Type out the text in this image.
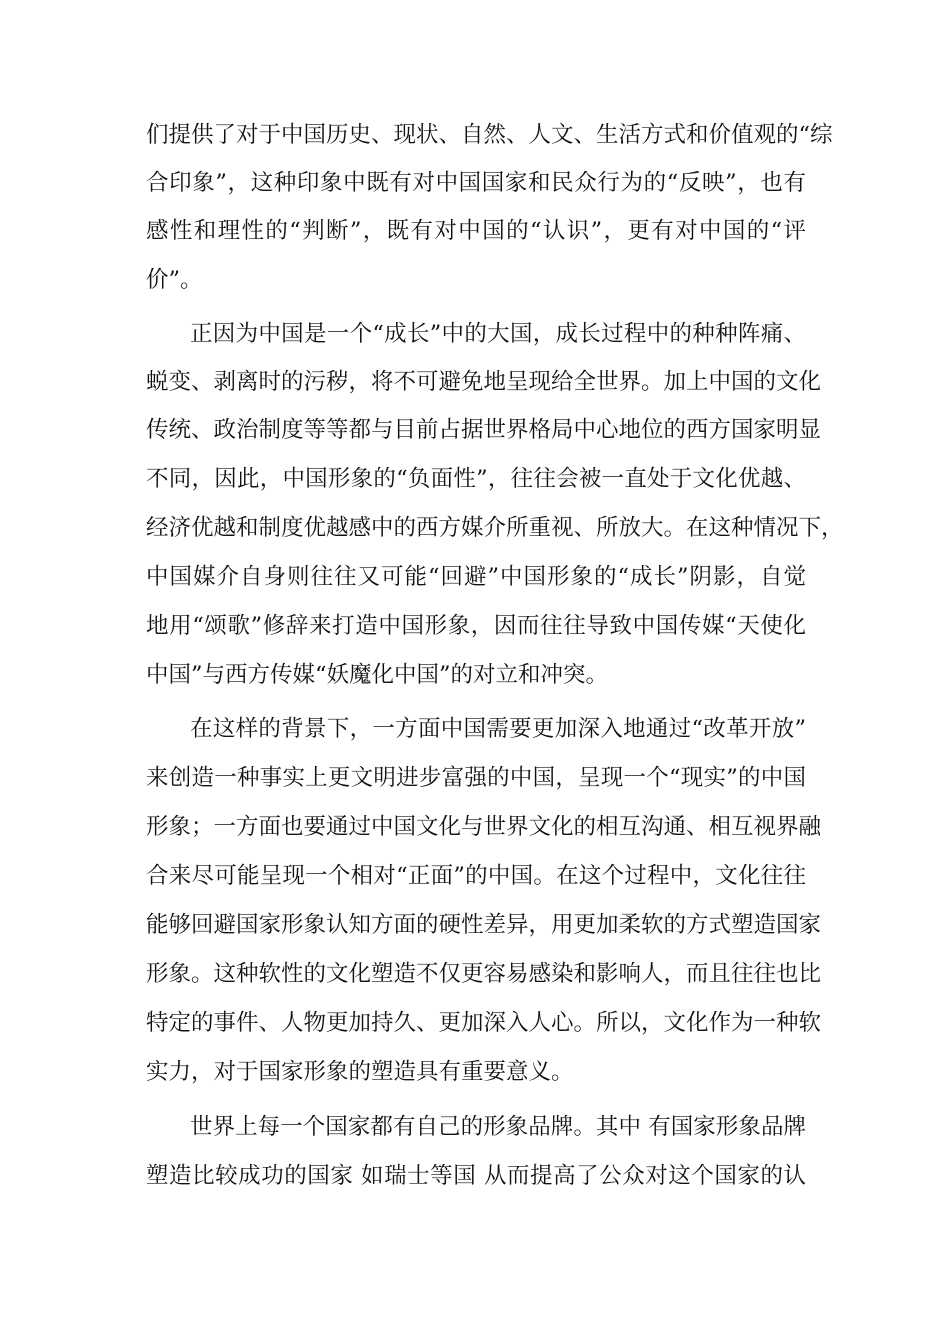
们提供了对于中国历史、现状、自然、人文、生活方式和价值观的“综
合印象”，这种印象中既有对中国国家和民众行为的“反映”，也有
感性和理性的“判断”，既有对中国的“认识”，更有对中国的“评
价”。
正因为中国是一个“成长”中的大国，成长过程中的种种阵痛、
蜕变、剥离时的污秽，将不可避免地呈现给全世界。加上中国的文化
传统、政治制度等等都与目前占据世界格局中心地位的西方国家明显
不同，因此，中国形象的“负面性”，往往会被一直处于文化优越、
经济优越和制度优越感中的西方媒介所重视、所放大。在这种情况下，
中国媒介自身则往往又可能“回避”中国形象的“成长”阴影，自觉
地用“颂歌”修辞来打造中国形象，因而往往导致中国传媒“天使化
中国”与西方传媒“妖魔化中国”的对立和冲突。
在这样的背景下，一方面中国需要更加深入地通过“改革开放”
来创造一种事实上更文明进步富强的中国，呈现一个“现实”的中国
形象；一方面也要通过中国文化与世界文化的相互沟通、相互视界融
合来尽可能呈现一个相对“正面”的中国。在这个过程中，文化往往
能够回避国家形象认知方面的硬性差异，用更加柔软的方式塑造国家
形象。这种软性的文化塑造不仅更容易感染和影响人，而且往往也比
特定的事件、人物更加持久、更加深入人心。所以，文化作为一种软
实力，对于国家形象的塑造具有重要意义。
世界上每一个国家都有自己的形象品牌。其中 有国家形象品牌
塑造比较成功的国家 如瑞士等国 从而提高了公众对这个国家的认
